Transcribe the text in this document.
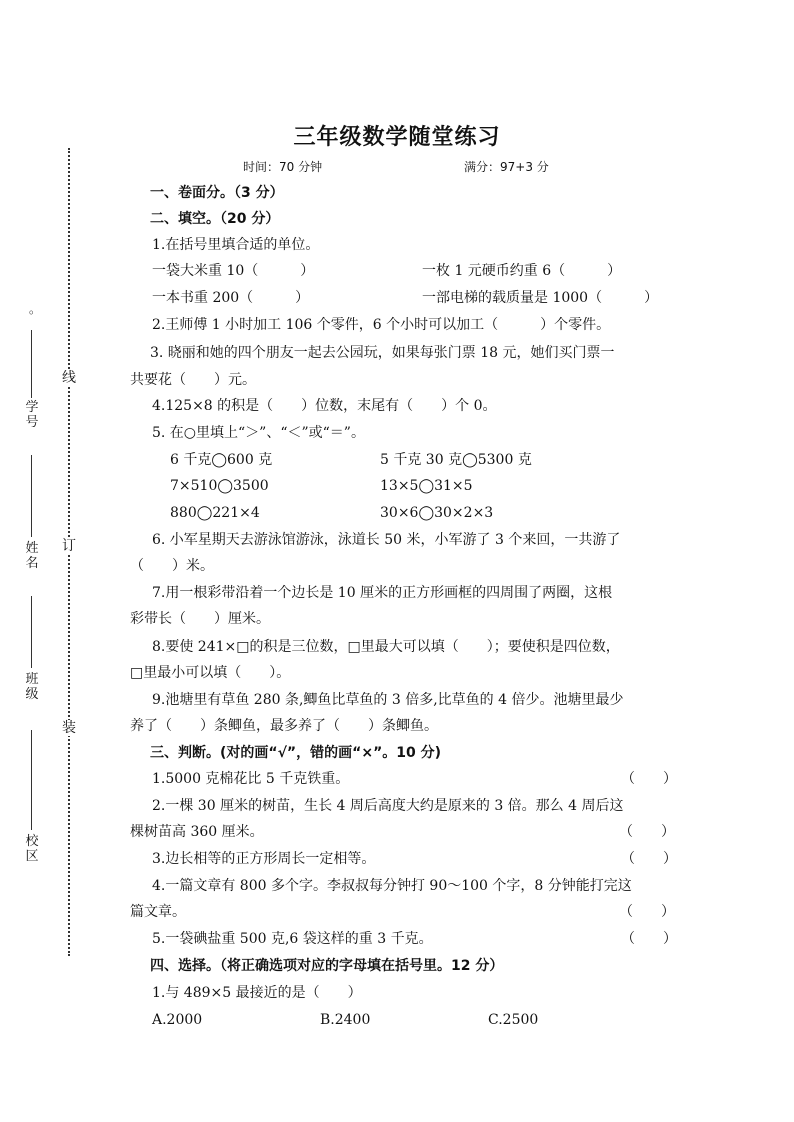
线
订
装
。
学号
姓名
班级
校区
三年级数学随堂练习
时间：70 分钟	满分：97+3 分
一、卷面分。（3 分）
二、填空。（20 分）
1.在括号里填合适的单位。
一袋大米重 10（　　　）	一枚 1 元硬币约重 6（　　　）
一本书重 200（　　　）	一部电梯的载质量是 1000（　　　）
2.王师傅 1 小时加工 106 个零件，6 个小时可以加工（　　　）个零件。
3. 晓丽和她的四个朋友一起去公园玩，如果每张门票 18 元，她们买门票一
共要花（　　）元。
4.125×8 的积是（　　）位数，末尾有（　　）个 0。
5. 在○里填上“＞”、“＜”或“＝”。
6 千克◯600 克	5 千克 30 克◯5300 克
7×510◯3500	13×5◯31×5
880◯221×4	30×6◯30×2×3
6. 小军星期天去游泳馆游泳，泳道长 50 米，小军游了 3 个来回，一共游了
（　　）米。
7.用一根彩带沿着一个边长是 10 厘米的正方形画框的四周围了两圈，这根
彩带长（　　）厘米。
8.要使 241×□的积是三位数，□里最大可以填（　　）；要使积是四位数，
□里最小可以填（　　）。
9.池塘里有草鱼 280 条,鲫鱼比草鱼的 3 倍多,比草鱼的 4 倍少。池塘里最少
养了（　　）条鲫鱼，最多养了（　　）条鲫鱼。
三、判断。(对的画“√”，错的画“×”。10 分)
1.5000 克棉花比 5 千克铁重。	（　　）
2.一棵 30 厘米的树苗，生长 4 周后高度大约是原来的 3 倍。那么 4 周后这
棵树苗高 360 厘米。	（　　）
3.边长相等的正方形周长一定相等。	（　　）
4.一篇文章有 800 多个字。李叔叔每分钟打 90～100 个字，8 分钟能打完这
篇文章。	（　　）
5.一袋碘盐重 500 克,6 袋这样的重 3 千克。	（　　）
四、选择。（将正确选项对应的字母填在括号里。12 分）
1.与 489×5 最接近的是（　　）
A.2000	B.2400	C.2500
